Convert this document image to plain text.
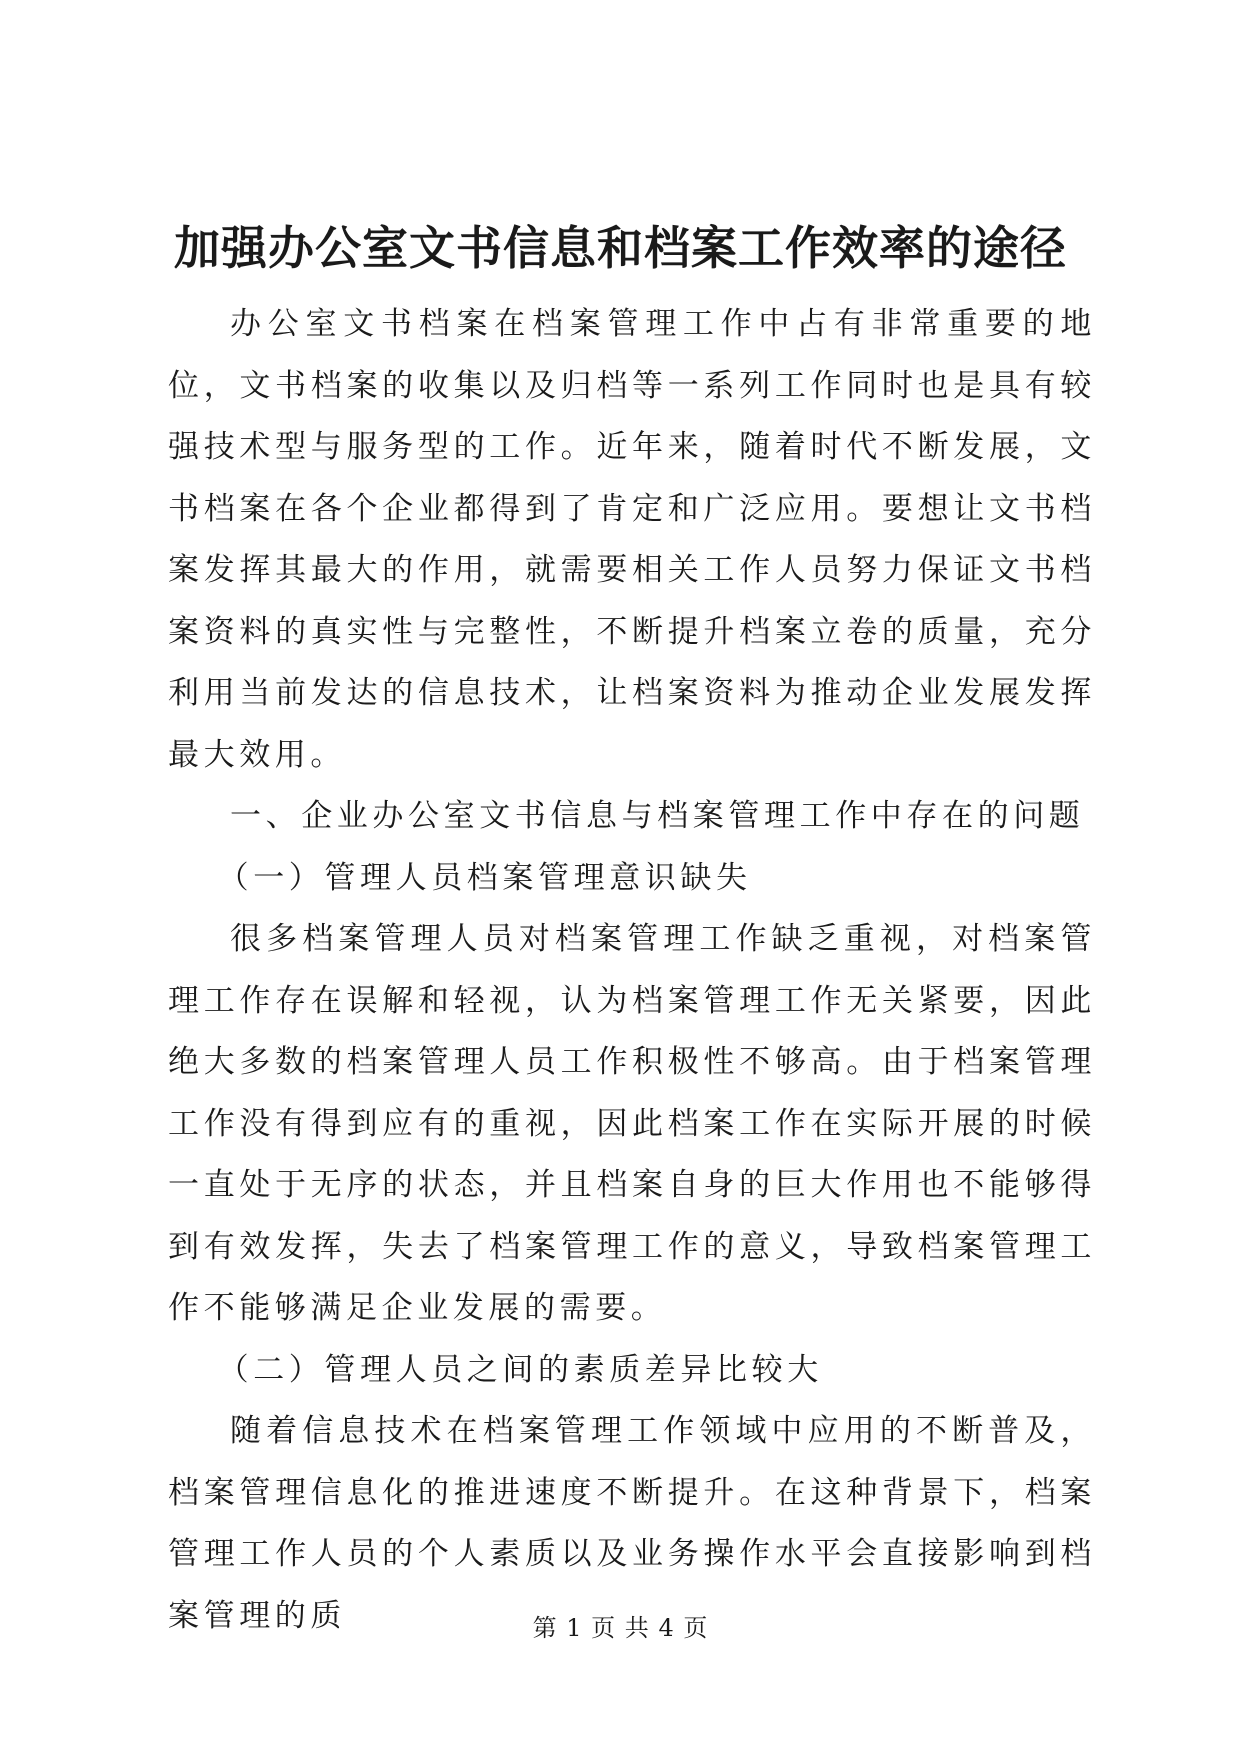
加强办公室文书信息和档案工作效率的途径

办公室文书档案在档案管理工作中占有非常重要的地位，文书档案的收集以及归档等一系列工作同时也是具有较强技术型与服务型的工作。近年来，随着时代不断发展，文书档案在各个企业都得到了肯定和广泛应用。要想让文书档案发挥其最大的作用，就需要相关工作人员努力保证文书档案资料的真实性与完整性，不断提升档案立卷的质量，充分利用当前发达的信息技术，让档案资料为推动企业发展发挥最大效用。

一、企业办公室文书信息与档案管理工作中存在的问题

（一）管理人员档案管理意识缺失

很多档案管理人员对档案管理工作缺乏重视，对档案管理工作存在误解和轻视，认为档案管理工作无关紧要，因此绝大多数的档案管理人员工作积极性不够高。由于档案管理工作没有得到应有的重视，因此档案工作在实际开展的时候一直处于无序的状态，并且档案自身的巨大作用也不能够得到有效发挥，失去了档案管理工作的意义，导致档案管理工作不能够满足企业发展的需要。

（二）管理人员之间的素质差异比较大

随着信息技术在档案管理工作领域中应用的不断普及，档案管理信息化的推进速度不断提升。在这种背景下，档案管理工作人员的个人素质以及业务操作水平会直接影响到档案管理的质	第 1 页 共 4 页
